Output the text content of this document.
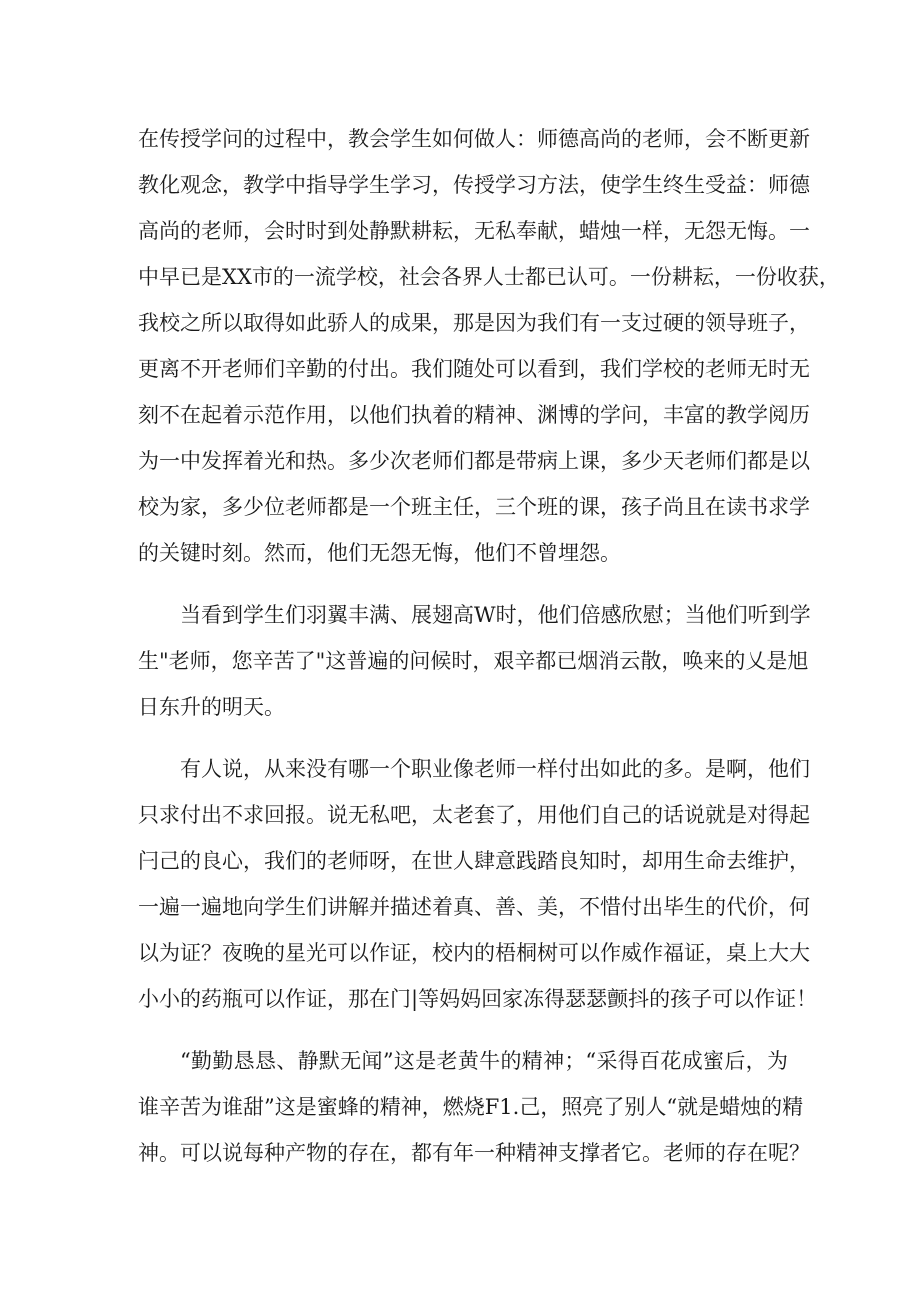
在传授学问的过程中，教会学生如何做人：师德高尚的老师，会不断更新
教化观念，教学中指导学生学习，传授学习方法，使学生终生受益：师德
高尚的老师，会时时到处静默耕耘，无私奉献，蜡烛一样，无怨无悔。一
中早已是XX市的一流学校，社会各界人士都已认可。一份耕耘，一份收获，
我校之所以取得如此骄人的成果，那是因为我们有一支过硬的领导班子，
更离不开老师们辛勤的付出。我们随处可以看到，我们学校的老师无时无
刻不在起着示范作用，以他们执着的精神、渊博的学问，丰富的教学阅历
为一中发挥着光和热。多少次老师们都是带病上课，多少天老师们都是以
校为家，多少位老师都是一个班主任，三个班的课，孩子尚且在读书求学
的关键时刻。然而，他们无怨无悔，他们不曾埋怨。
当看到学生们羽翼丰满、展翅高W时，他们倍感欣慰；当他们听到学
生"老师，您辛苦了"这普遍的问候时，艰辛都已烟消云散，唤来的乂是旭
日东升的明天。
有人说，从来没有哪一个职业像老师一样付出如此的多。是啊，他们
只求付出不求回报。说无私吧，太老套了，用他们自己的话说就是对得起
闩己的良心，我们的老师呀，在世人肆意践踏良知时，却用生命去维护，
一遍一遍地向学生们讲解并描述着真、善、美，不惜付出毕生的代价，何
以为证？夜晚的星光可以作证，校内的梧桐树可以作威作福证，桌上大大
小小的药瓶可以作证，那在门|等妈妈回家冻得瑟瑟颤抖的孩子可以作证！
“勤勤恳恳、静默无闻”这是老黄牛的精神；“采得百花成蜜后，为
谁辛苦为谁甜”这是蜜蜂的精神，燃烧F1.己，照亮了别人“就是蜡烛的精
神。可以说每种产物的存在，都有年一种精神支撑者它。老师的存在呢？
